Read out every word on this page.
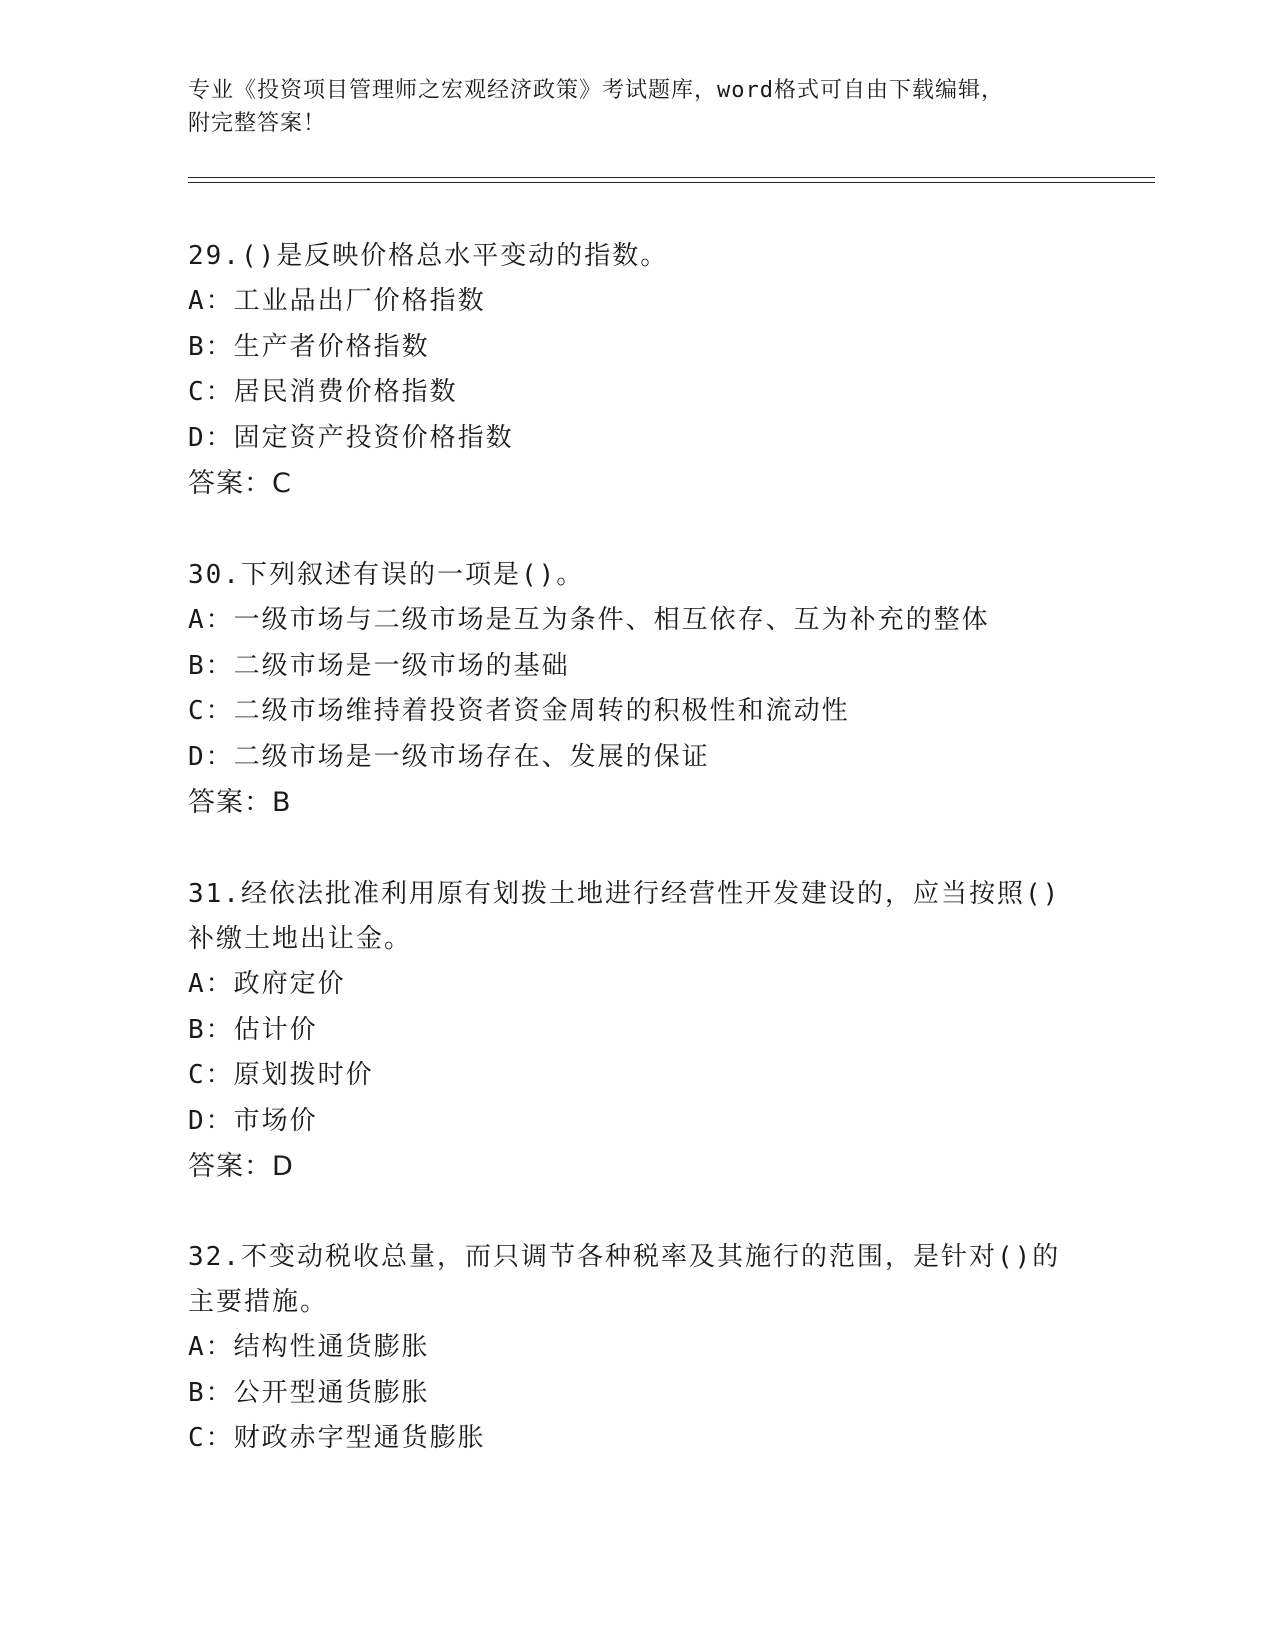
专业《投资项目管理师之宏观经济政策》考试题库，word格式可自由下载编辑，
附完整答案！
29.()是反映价格总水平变动的指数。
A：工业品出厂价格指数
B：生产者价格指数
C：居民消费价格指数
D：固定资产投资价格指数
答案：C
30.下列叙述有误的一项是()。
A：一级市场与二级市场是互为条件、相互依存、互为补充的整体
B：二级市场是一级市场的基础
C：二级市场维持着投资者资金周转的积极性和流动性
D：二级市场是一级市场存在、发展的保证
答案：B
31.经依法批准利用原有划拨土地进行经营性开发建设的，应当按照()补缴土地出让金。
A：政府定价
B：估计价
C：原划拨时价
D：市场价
答案：D
32.不变动税收总量，而只调节各种税率及其施行的范围，是针对()的主要措施。
A：结构性通货膨胀
B：公开型通货膨胀
C：财政赤字型通货膨胀
